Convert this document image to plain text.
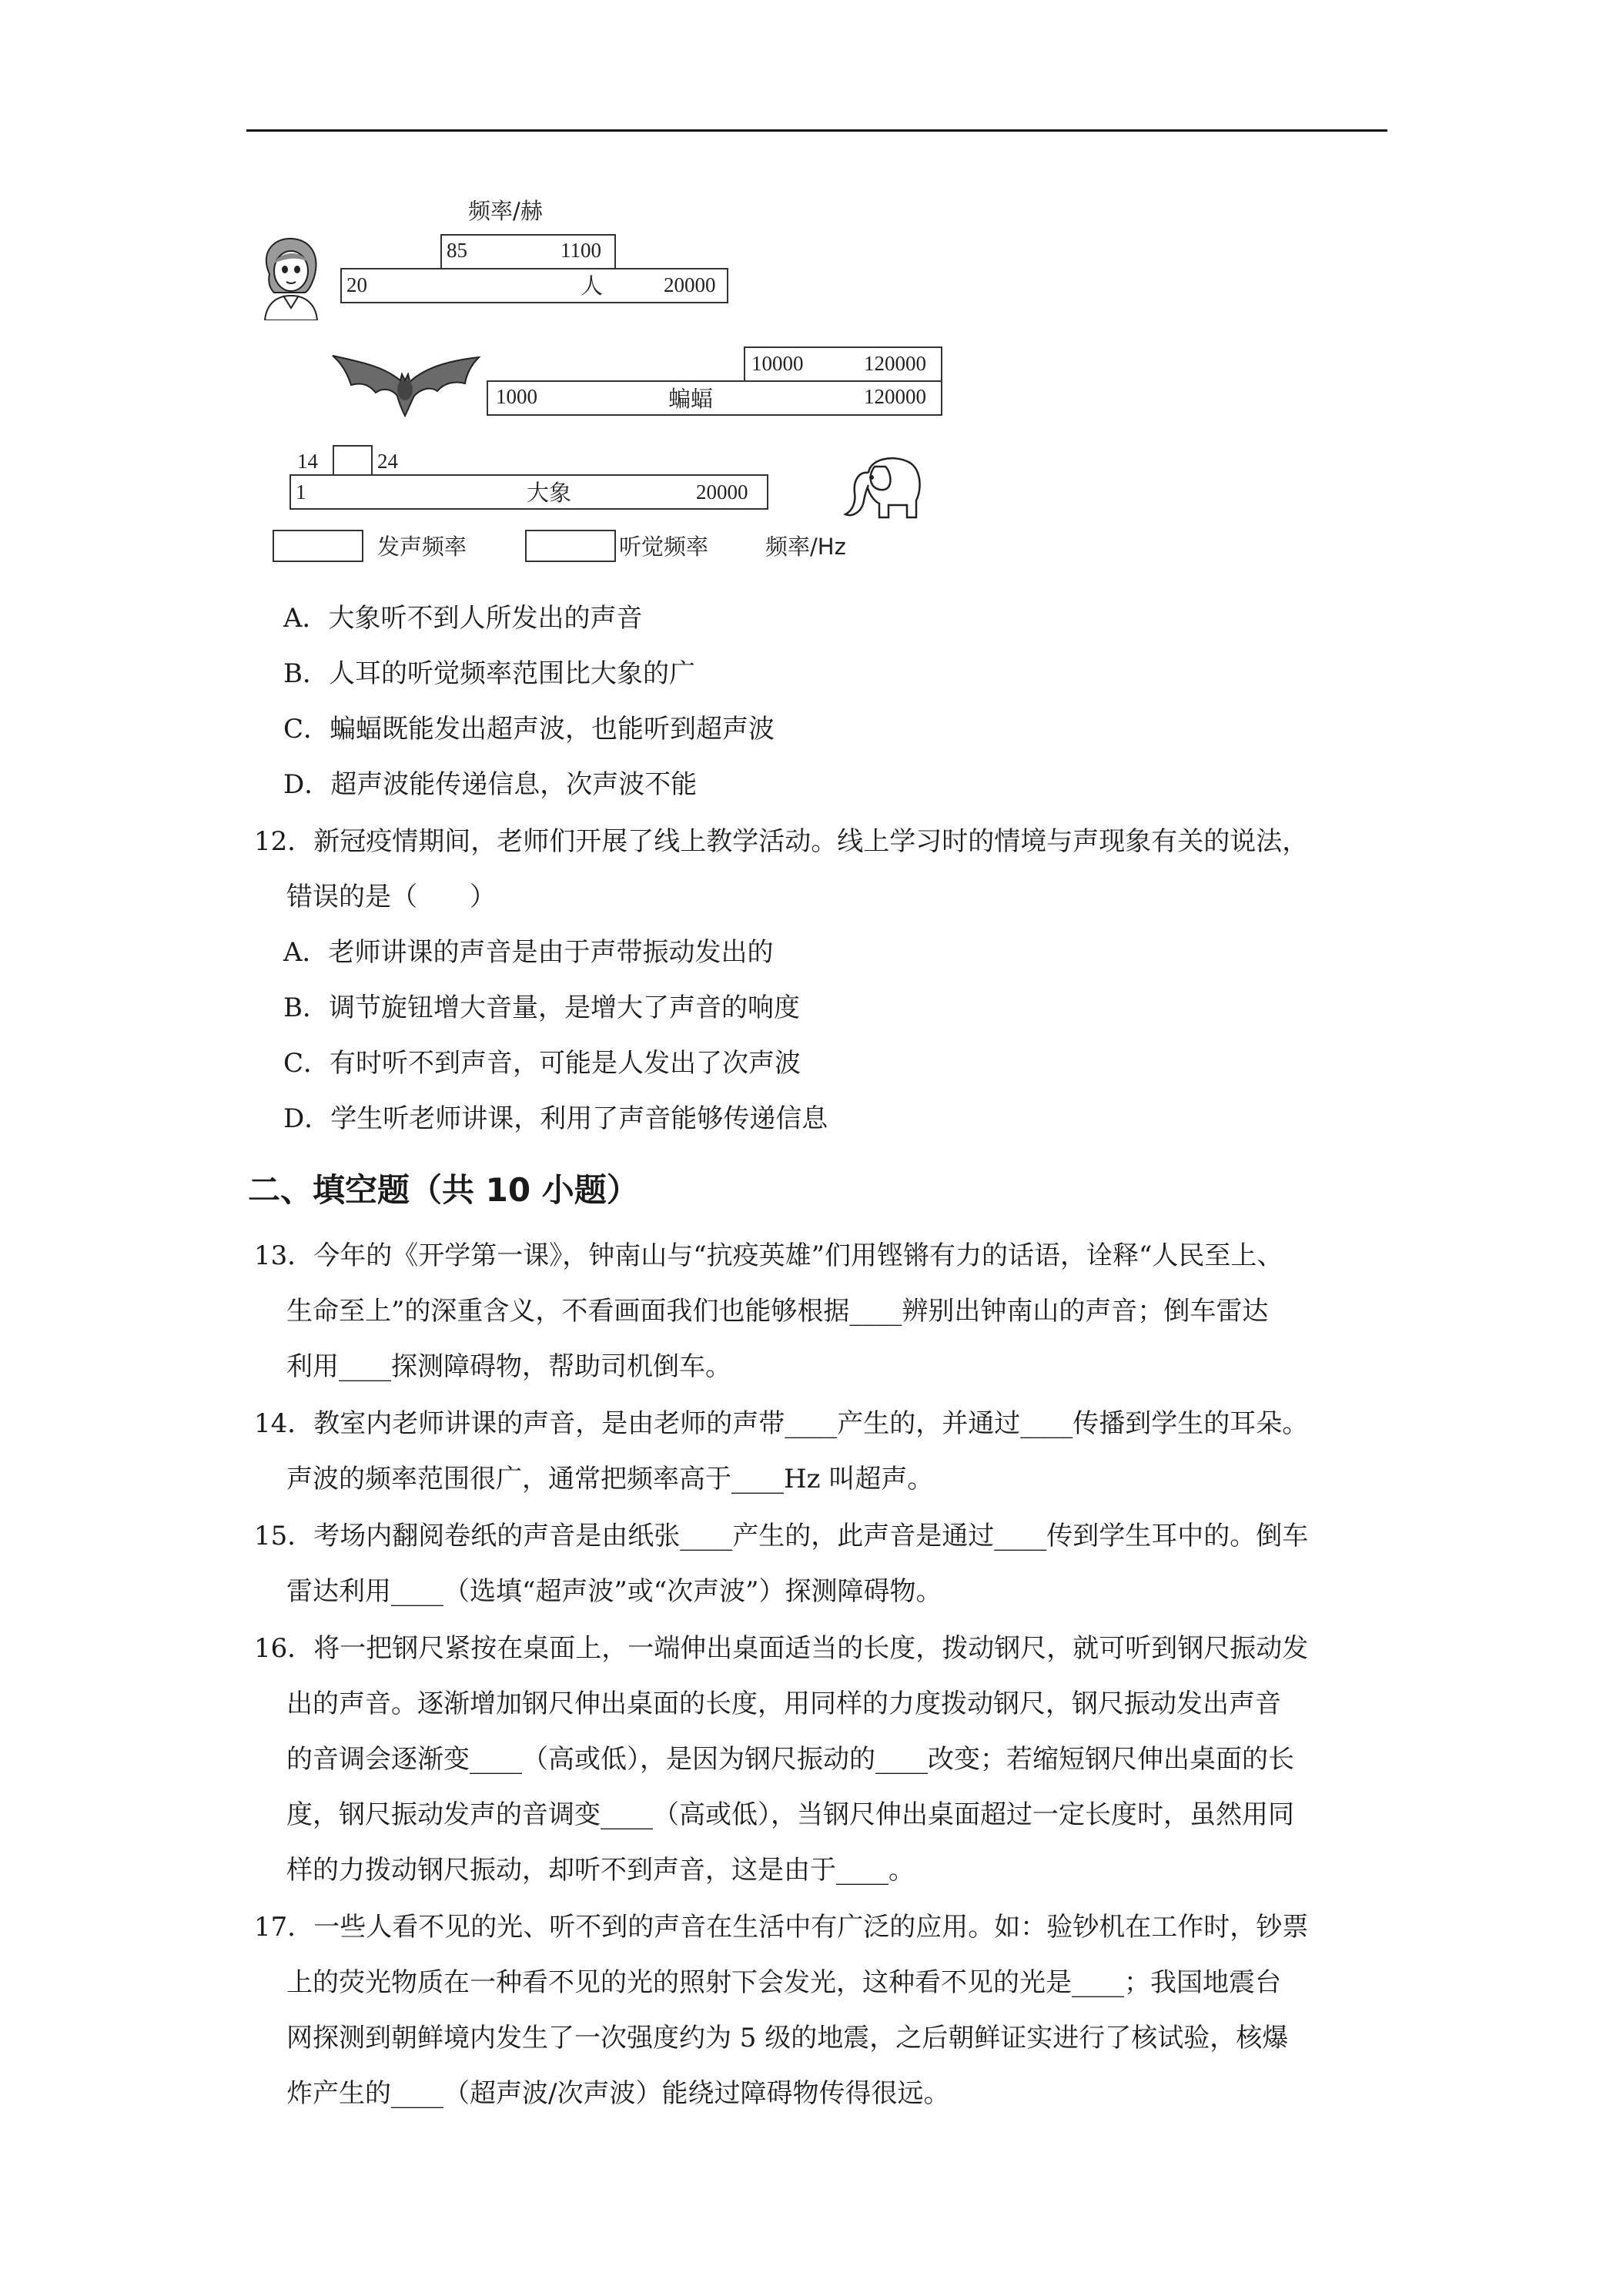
频率/赫
85	1100
20	人	20000
10000	120000
1000	蝙蝠	120000
14	24
1	大象	20000
发声频率	听觉频率	频率/Hz
A．大象听不到人所发出的声音
B．人耳的听觉频率范围比大象的广
C．蝙蝠既能发出超声波，也能听到超声波
D．超声波能传递信息，次声波不能
12．新冠疫情期间，老师们开展了线上教学活动。线上学习时的情境与声现象有关的说法，
错误的是（　　）
A．老师讲课的声音是由于声带振动发出的
B．调节旋钮增大音量，是增大了声音的响度
C．有时听不到声音，可能是人发出了次声波
D．学生听老师讲课，利用了声音能够传递信息
二、填空题（共 10 小题）
13．今年的《开学第一课》，钟南山与“抗疫英雄”们用铿锵有力的话语，诠释“人民至上、
生命至上”的深重含义，不看画面我们也能够根据____辨别出钟南山的声音；倒车雷达
利用____探测障碍物，帮助司机倒车。
14．教室内老师讲课的声音，是由老师的声带____产生的，并通过____传播到学生的耳朵。
声波的频率范围很广，通常把频率高于____Hz 叫超声。
15．考场内翻阅卷纸的声音是由纸张____产生的，此声音是通过____传到学生耳中的。倒车
雷达利用____（选填“超声波”或“次声波”）探测障碍物。
16．将一把钢尺紧按在桌面上，一端伸出桌面适当的长度，拨动钢尺，就可听到钢尺振动发
出的声音。逐渐增加钢尺伸出桌面的长度，用同样的力度拨动钢尺，钢尺振动发出声音
的音调会逐渐变____（高或低），是因为钢尺振动的____改变；若缩短钢尺伸出桌面的长
度，钢尺振动发声的音调变____（高或低），当钢尺伸出桌面超过一定长度时，虽然用同
样的力拨动钢尺振动，却听不到声音，这是由于____。
17．一些人看不见的光、听不到的声音在生活中有广泛的应用。如：验钞机在工作时，钞票
上的荧光物质在一种看不见的光的照射下会发光，这种看不见的光是____；我国地震台
网探测到朝鲜境内发生了一次强度约为 5 级的地震，之后朝鲜证实进行了核试验，核爆
炸产生的____（超声波/次声波）能绕过障碍物传得很远。
